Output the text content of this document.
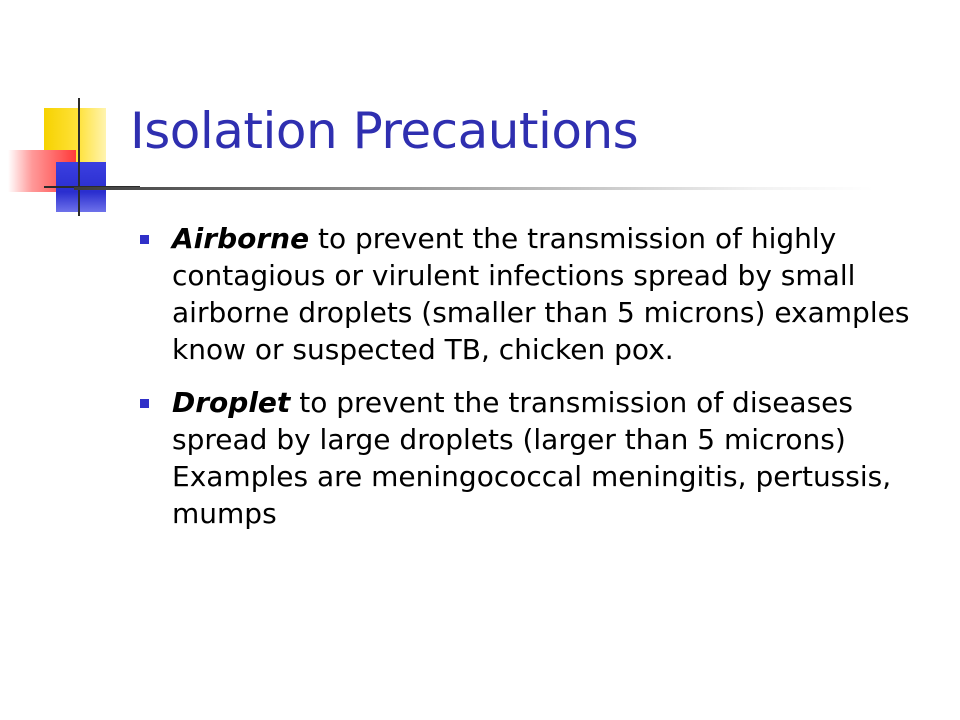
Isolation Precautions
Airborne to prevent the transmission of highly contagious or virulent infections spread by small airborne droplets (smaller than 5 microns) examples know or suspected TB, chicken pox.
Droplet to prevent the transmission of diseases spread by large droplets (larger than 5 microns) Examples are meningococcal meningitis, pertussis, mumps
